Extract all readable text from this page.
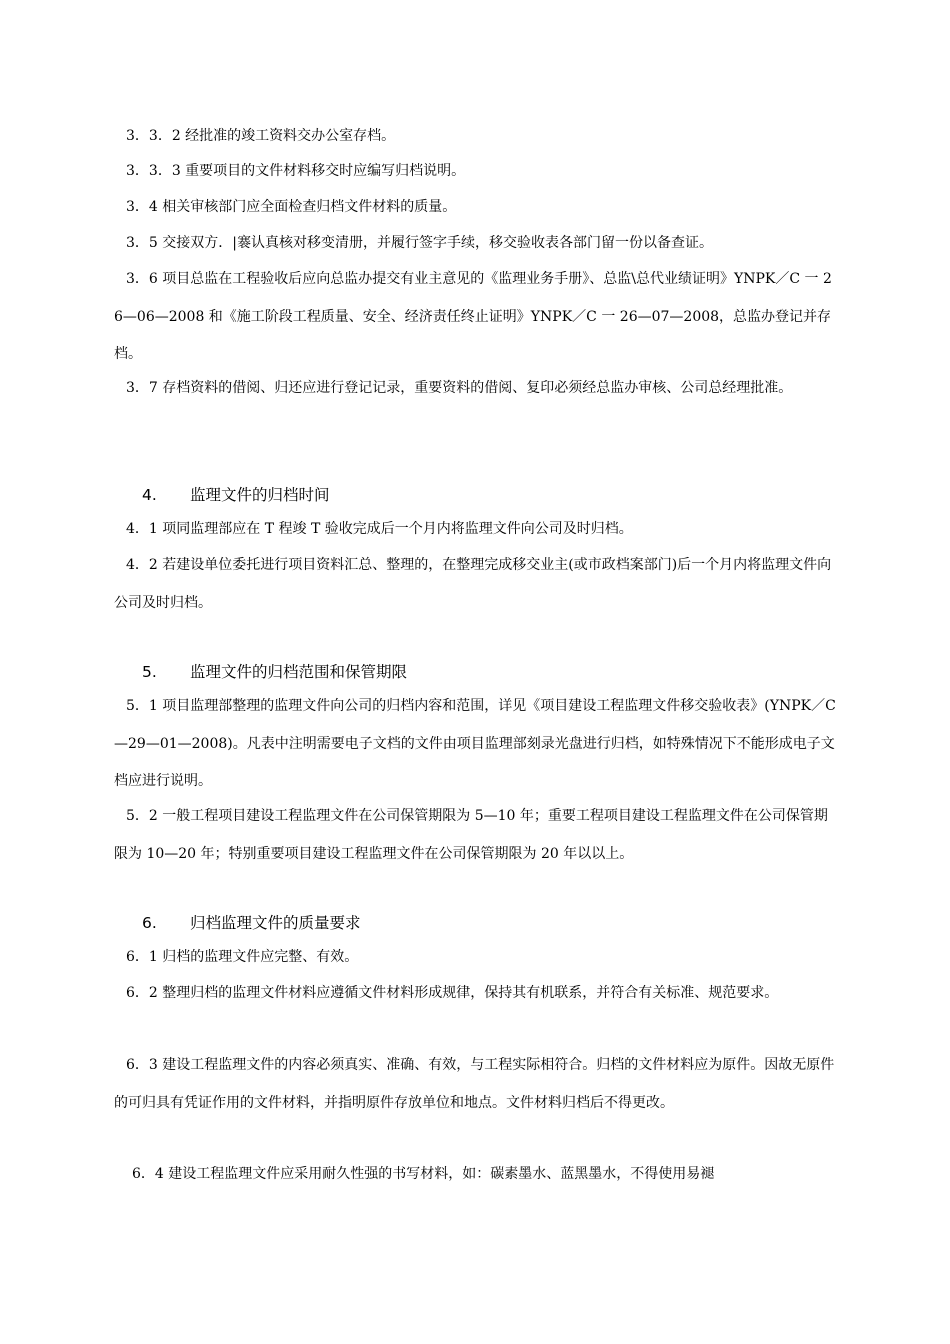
3．3．2 经批准的竣工资料交办公室存档。

3．3．3 重要项目的文件材料移交时应编写归档说明。

3．4 相关审核部门应全面检查归档文件材料的质量。

3．5 交接双方．|褰认真核对移变清册，并履行签字手续，移交验收表各部门留一份以备查证。

3．6 项目总监在工程验收后应向总监办提交有业主意见的《监理业务手册》、总监\总代业绩证明》YNPK／C 一 26—06—2008 和《施工阶段工程质量、安全、经济责任终止证明》YNPK／C 一 26—07—2008，总监办登记并存档。

3．7 存档资料的借阅、归还应进行登记记录，重要资料的借阅、复印必须经总监办审核、公司总经理批准。

4. 监理文件的归档时间

4．1 项同监理部应在 T 程竣 T 验收完成后一个月内将监理文件向公司及时归档。

4．2 若建设单位委托进行项目资料汇总、整理的，在整理完成移交业主(或市政档案部门)后一个月内将监理文件向公司及时归档。

5. 监理文件的归档范围和保管期限

5．1 项目监理部整理的监理文件向公司的归档内容和范围，详见《项目建设工程监理文件移交验收表》(YNPK／C—29—01—2008)。凡表中注明需要电子文档的文件由项目监理部刻录光盘进行归档，如特殊情况下不能形成电子文档应进行说明。

5．2 一般工程项目建设工程监理文件在公司保管期限为 5—10 年；重要工程项目建设工程监理文件在公司保管期限为 10—20 年；特别重要项目建设工程监理文件在公司保管期限为 20 年以以上。

6. 归档监理文件的质量要求

6．1 归档的监理文件应完整、有效。

6．2 整理归档的监理文件材料应遵循文件材料形成规律，保持其有机联系，并符合有关标准、规范要求。

6．3 建设工程监理文件的内容必须真实、准确、有效，与工程实际相符合。归档的文件材料应为原件。因故无原件的可归具有凭证作用的文件材料，并指明原件存放单位和地点。文件材料归档后不得更改。

6．4 建设工程监理文件应采用耐久性强的书写材料，如：碳素墨水、蓝黑墨水，不得使用易褪
